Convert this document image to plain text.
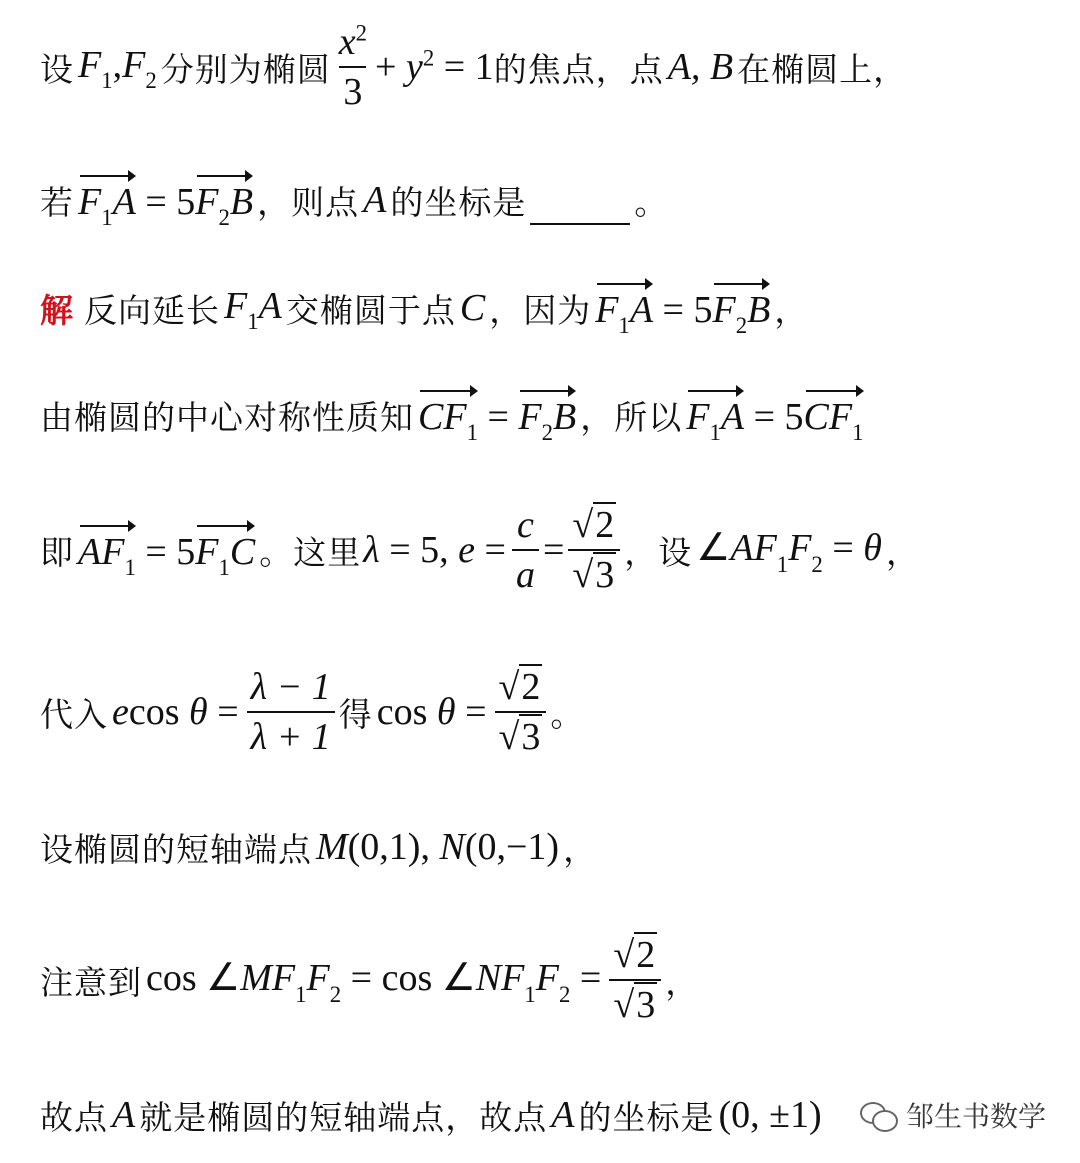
设 $F_1,F_2$ 分别为椭圆 $\frac{x^2}{3} + y^2 = 1$ 的焦点，点 A, B 在椭圆上，
若 $F_1A = 5F_2B$ ，则点 A 的坐标是	。
解 反向延长 $F_1A$ 交椭圆于点 C ，因为 $F_1A = 5F_2B$ ，
由椭圆的中心对称性质知 $CF_1 = F_2B$ ，所以 $F_1A = 5CF_1$
即 $AF_1 = 5F_1C$ 。这里 λ = 5, $e = \frac{c}{a} = \frac{√2}{√3}$ ，设 $\angle AF_1F_2 = \theta$ ，
代入 ecos $\theta = \frac{\lambda - 1}{\lambda + 1}$ 得 $\cos \theta = \frac{√2}{√3}$ 。
设椭圆的短轴端点 M(0,1), N(0,−1) ，
注意到 $\cos \angle MF_1F_2 = \cos$ $\angle NF_1F_2 = \frac{√2}{√3}$ ，
故点 A 就是椭圆的短轴端点，故点 A 的坐标是 (0, ±1)	邹生书数学
